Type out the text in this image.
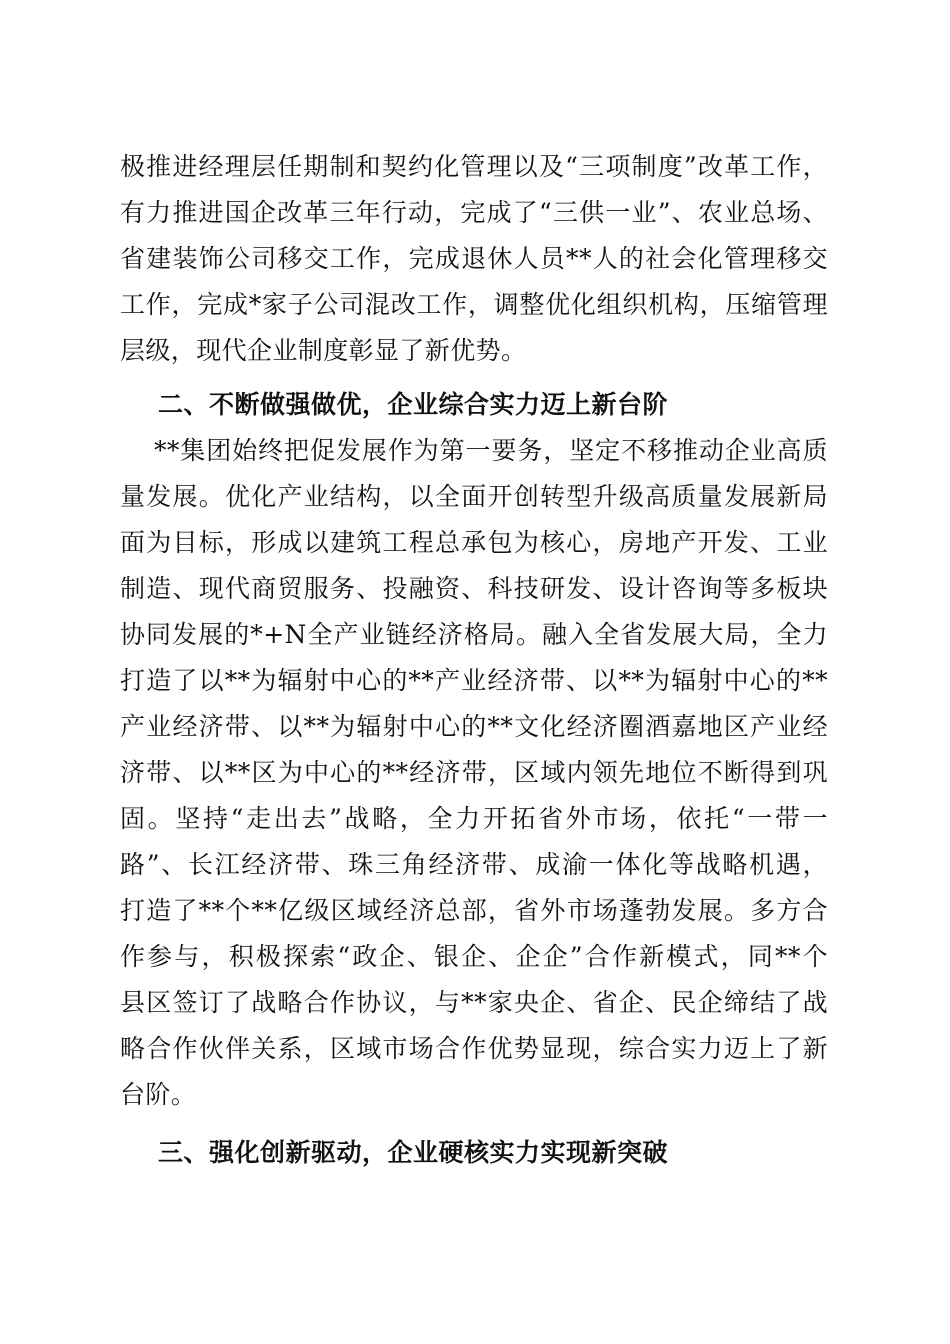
极推进经理层任期制和契约化管理以及“三项制度”改革工作，
有力推进国企改革三年行动，完成了“三供一业”、农业总场、
省建装饰公司移交工作，完成退休人员**人的社会化管理移交
工作，完成*家子公司混改工作，调整优化组织机构，压缩管理
层级，现代企业制度彰显了新优势。
二、不断做强做优，企业综合实力迈上新台阶
**集团始终把促发展作为第一要务，坚定不移推动企业高质
量发展。优化产业结构，以全面开创转型升级高质量发展新局
面为目标，形成以建筑工程总承包为核心，房地产开发、工业
制造、现代商贸服务、投融资、科技研发、设计咨询等多板块
协同发展的*+N全产业链经济格局。融入全省发展大局，全力
打造了以**为辐射中心的**产业经济带、以**为辐射中心的**
产业经济带、以**为辐射中心的**文化经济圈酒嘉地区产业经
济带、以**区为中心的**经济带，区域内领先地位不断得到巩
固。坚持“走出去”战略，全力开拓省外市场，依托“一带一
路”、长江经济带、珠三角经济带、成渝一体化等战略机遇，
打造了**个**亿级区域经济总部，省外市场蓬勃发展。多方合
作参与，积极探索“政企、银企、企企”合作新模式，同**个
县区签订了战略合作协议，与**家央企、省企、民企缔结了战
略合作伙伴关系，区域市场合作优势显现，综合实力迈上了新
台阶。
三、强化创新驱动，企业硬核实力实现新突破
